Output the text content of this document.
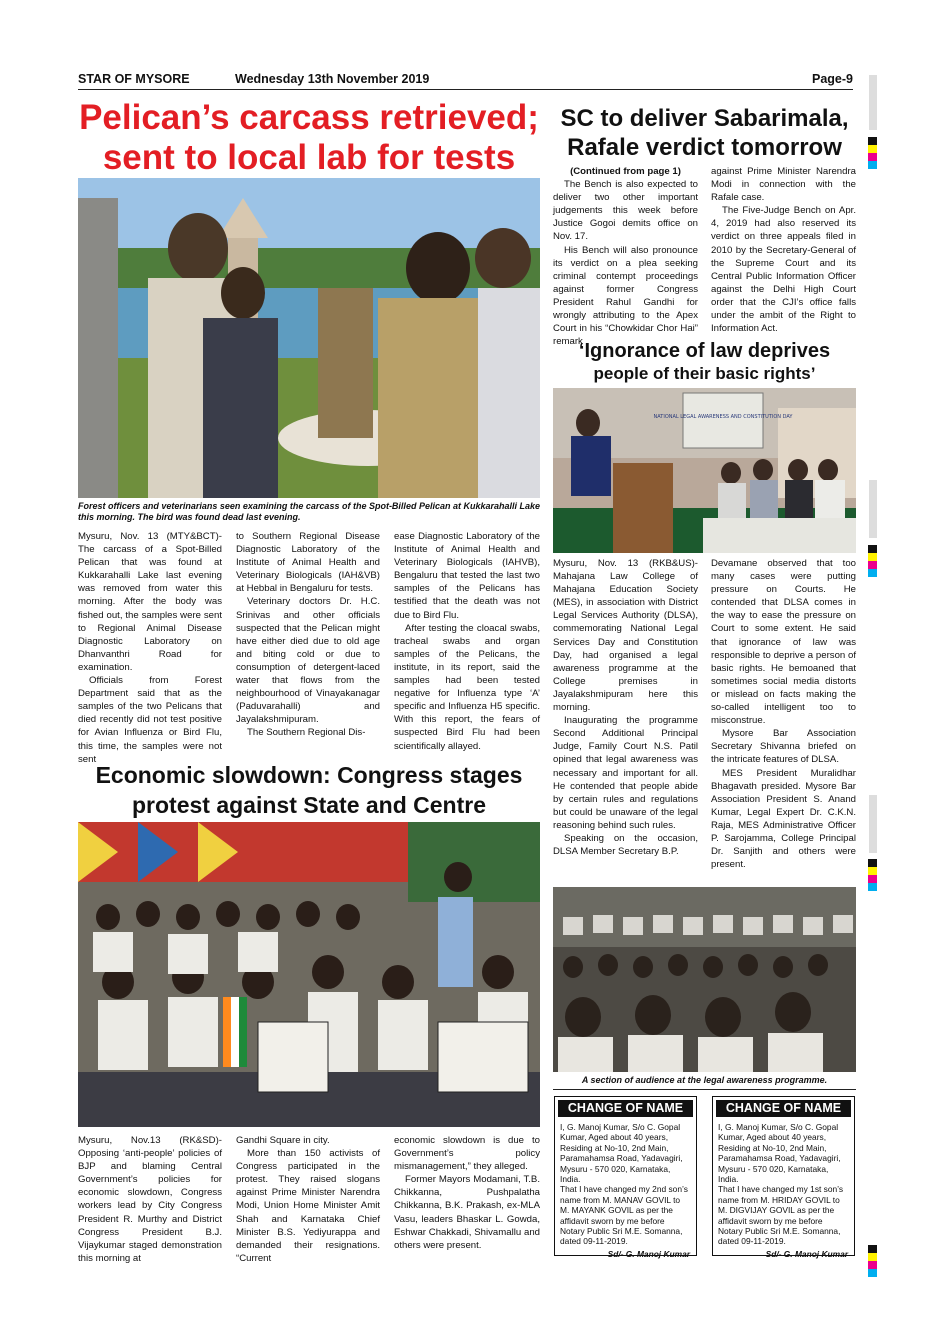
STAR OF MYSORE	Wednesday 13th November 2019	Page-9
Pelican’s carcass retrieved;
sent to local lab for tests
Forest officers and veterinarians seen examining the carcass of the Spot-Billed Pelican at Kukkarahalli Lake
this morning. The bird was found dead last evening.

Mysuru, Nov. 13 (MTY&BCT)- The carcass of a Spot-Billed Pelican that was found at Kukkarahalli Lake last evening was removed from water this morning. After the body was fished out, the samples were sent to Regional Animal Disease Diagnostic Laboratory on Dhanvanthri Road for examination.

Officials from Forest Department said that as the samples of the two Pelicans that died recently did not test positive for Avian Influenza or Bird Flu, this time, the samples were not sent

to Southern Regional Disease Diagnostic Laboratory of the Institute of Animal Health and Veterinary Biologicals (IAH&VB) at Hebbal in Bengaluru for tests.

Veterinary doctors Dr. H.C. Srinivas and other officials suspected that the Pelican might have either died due to old age and biting cold or due to consumption of detergent-laced water that flows from the neighbourhood of Vinayakanagar (Paduvarahalli) and Jayalakshmipuram.

The Southern Regional Dis-

ease Diagnostic Laboratory of the Institute of Animal Health and Veterinary Biologicals (IAHVB), Bengaluru that tested the last two samples of the Pelicans has testified that the death was not due to Bird Flu.

After testing the cloacal swabs, tracheal swabs and organ samples of the Pelicans, the institute, in its report, said the samples had been tested negative for Influenza type ‘A’ specific and Influenza H5 specific. With this report, the fears of suspected Bird Flu had been scientifically allayed.

SC to deliver Sabarimala,
Rafale verdict tomorrow

(Continued from page 1)

The Bench is also expected to deliver two other important judgements this week before Justice Gogoi demits office on Nov. 17.

His Bench will also pronounce its verdict on a plea seeking criminal contempt proceedings against former Congress President Rahul Gandhi for wrongly attributing to the Apex Court in his “Chowkidar Chor Hai” remark

against Prime Minister Narendra Modi in connection with the Rafale case.

The Five-Judge Bench on Apr. 4, 2019 had also reserved its verdict on three appeals filed in 2010 by the Secretary-General of the Supreme Court and its Central Public Information Officer against the Delhi High Court order that the CJI’s office falls under the ambit of the Right to Information Act.

‘Ignorance of law deprives
people of their basic rights’
NATIONAL LEGAL AWARENESS AND CONSTITUTION DAY

Mysuru, Nov. 13 (RKB&US)- Mahajana Law College of Mahajana Education Society (MES), in association with District Legal Services Authority (DLSA), commemorating National Legal Services Day and Constitution Day, had organised a legal awareness programme at the College premises in Jayalakshmipuram here this morning.

Inaugurating the programme Second Additional Principal Judge, Family Court N.S. Patil opined that legal awareness was necessary and important for all. He contended that people abide by certain rules and regulations but could be unaware of the legal reasoning behind such rules.

Speaking on the occasion, DLSA Member Secretary B.P.

Devamane observed that too many cases were putting pressure on Courts. He contended that DLSA comes in the way to ease the pressure on Court to some extent. He said that ignorance of law was responsible to deprive a person of basic rights. He bemoaned that sometimes social media distorts or mislead on facts making the so-called intelligent too to misconstrue.

Mysore Bar Association Secretary Shivanna briefed on the intricate features of DLSA.

MES President Muralidhar Bhagavath presided. Mysore Bar Association President S. Anand Kumar, Legal Expert Dr. C.K.N. Raja, MES Administrative Officer P. Sarojamma, College Principal Dr. Sanjith and others were present.

A section of audience at the legal awareness programme.
Economic slowdown: Congress stages
protest against State and Centre

Mysuru, Nov.13 (RK&SD)- Opposing ‘anti-people’ policies of BJP and blaming Central Government’s policies for economic slowdown, Congress workers lead by City Congress President R. Murthy and District Congress President B.J. Vijaykumar staged demonstration this morning at

Gandhi Square in city.

More than 150 activists of Congress participated in the protest. They raised slogans against Prime Minister Narendra Modi, Union Home Minister Amit Shah and Karnataka Chief Minister B.S. Yediyurappa and demanded their resignations. “Current

economic slowdown is due to Government’s policy mismanagement,” they alleged.

Former Mayors Modamani, T.B. Chikkanna, Pushpalatha Chikkanna, B.K. Prakash, ex-MLA Vasu, leaders Bhaskar L. Gowda, Eshwar Chakkadi, Shivamallu and others were present.

CHANGE OF NAME
I, G. Manoj Kumar, S/o C. Gopal Kumar, Aged about 40 years, Residing at No-10, 2nd Main, Paramahamsa Road, Yadavagiri, Mysuru - 570 020, Karnataka, India.
That I have changed my 2nd son’s name from M. MANAV GOVIL to M. MAYANK GOVIL as per the affidavit sworn by me before Notary Public Sri M.E. Somanna, dated 09-11-2019.
Sd/- G. Manoj Kumar
CHANGE OF NAME
I, G. Manoj Kumar, S/o C. Gopal Kumar, Aged about 40 years, Residing at No-10, 2nd Main, Paramahamsa Road, Yadavagiri, Mysuru - 570 020, Karnataka, India.
That I have changed my 1st son’s name from M. HRIDAY GOVIL to M. DIGVIJAY GOVIL as per the affidavit sworn by me before Notary Public Sri M.E. Somanna, dated 09-11-2019.
Sd/- G. Manoj Kumar
